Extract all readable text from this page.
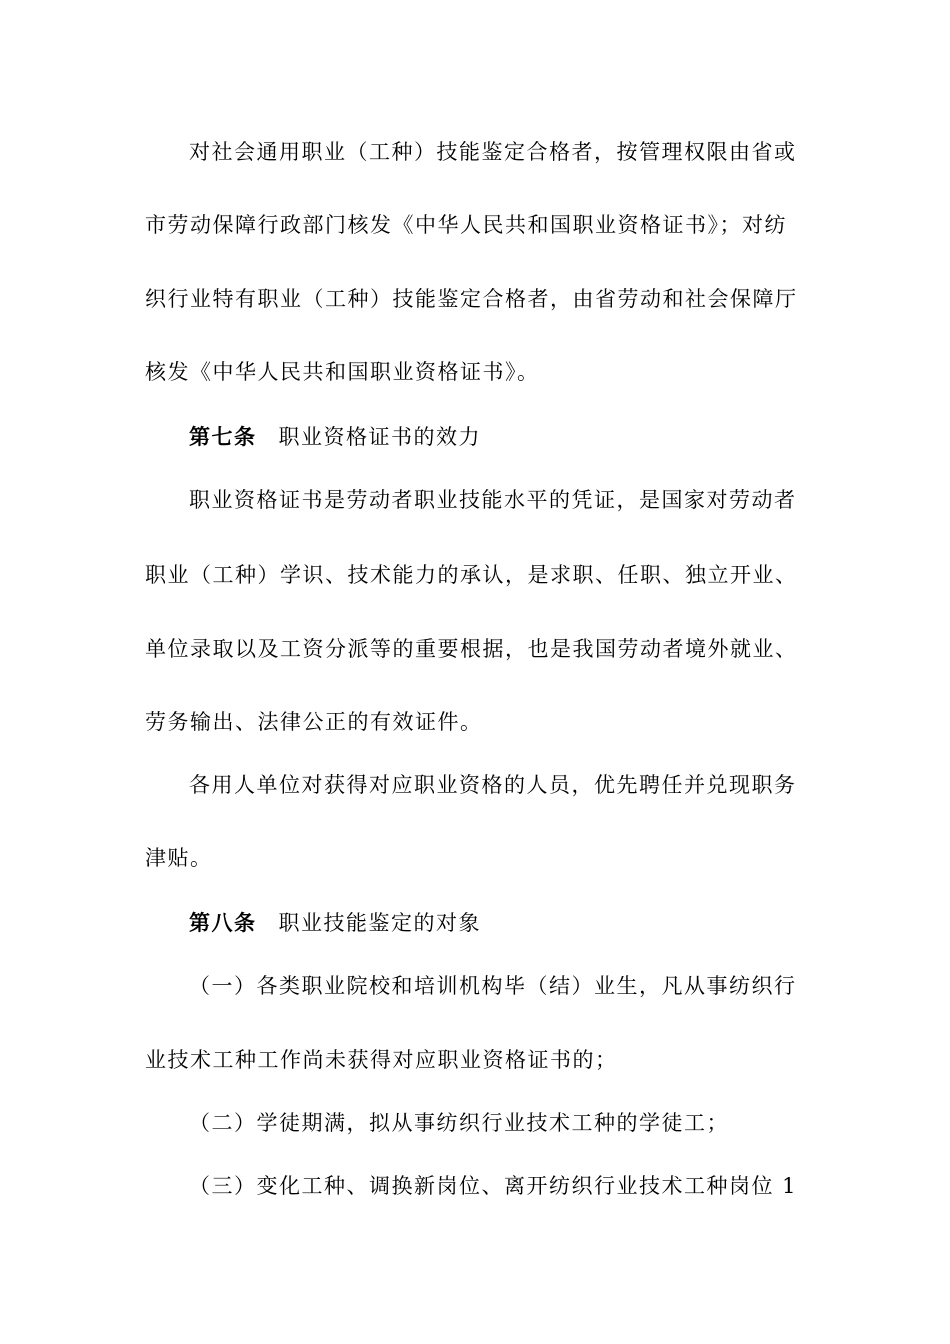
对社会通用职业（工种）技能鉴定合格者，按管理权限由省或
市劳动保障行政部门核发《中华人民共和国职业资格证书》；对纺
织行业特有职业（工种）技能鉴定合格者，由省劳动和社会保障厅
核发《中华人民共和国职业资格证书》。
第七条 职业资格证书的效力
职业资格证书是劳动者职业技能水平的凭证，是国家对劳动者
职业（工种）学识、技术能力的承认，是求职、任职、独立开业、
单位录取以及工资分派等的重要根据，也是我国劳动者境外就业、
劳务输出、法律公正的有效证件。
各用人单位对获得对应职业资格的人员，优先聘任并兑现职务
津贴。
第八条 职业技能鉴定的对象
（一）各类职业院校和培训机构毕（结）业生，凡从事纺织行
业技术工种工作尚未获得对应职业资格证书的；
（二）学徒期满，拟从事纺织行业技术工种的学徒工；
（三）变化工种、调换新岗位、离开纺织行业技术工种岗位 1
